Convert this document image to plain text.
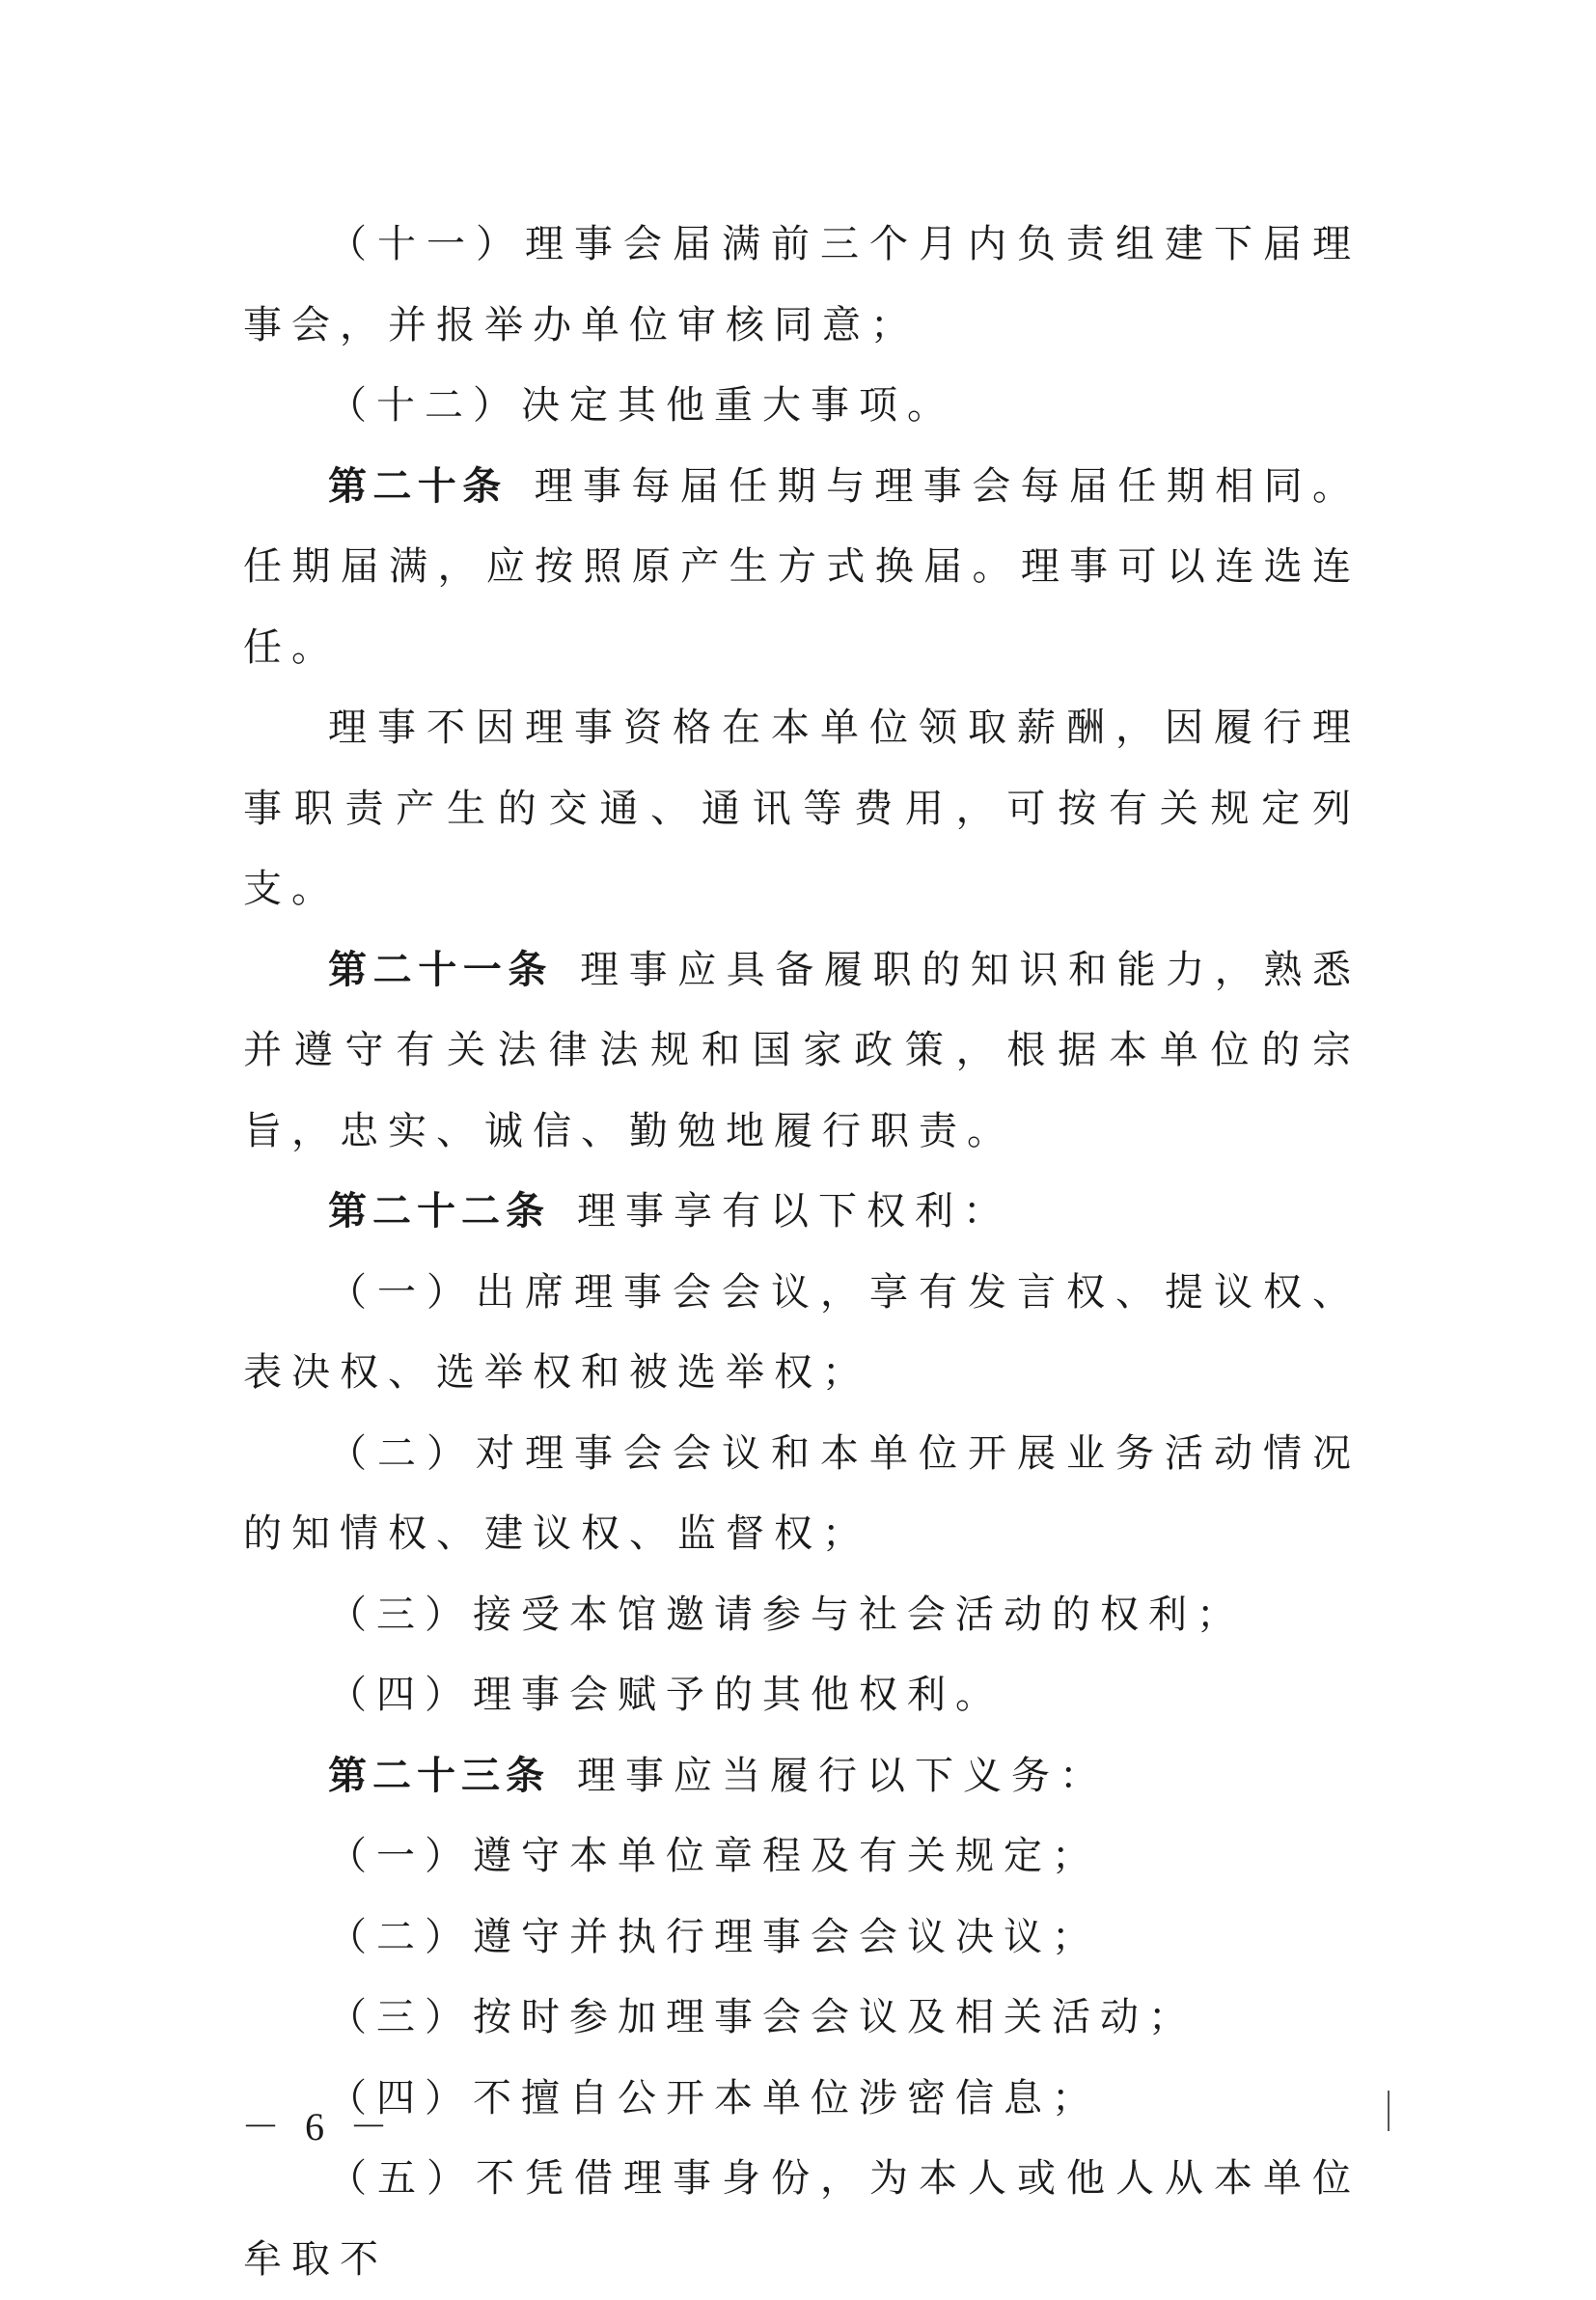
（十一）理事会届满前三个月内负责组建下届理事会，并报举办单位审核同意；

（十二）决定其他重大事项。

第二十条 理事每届任期与理事会每届任期相同。任期届满，应按照原产生方式换届。理事可以连选连任。

理事不因理事资格在本单位领取薪酬，因履行理事职责产生的交通、通讯等费用，可按有关规定列支。

第二十一条 理事应具备履职的知识和能力，熟悉并遵守有关法律法规和国家政策，根据本单位的宗旨，忠实、诚信、勤勉地履行职责。

第二十二条 理事享有以下权利：

（一）出席理事会会议，享有发言权、提议权、表决权、选举权和被选举权；

（二）对理事会会议和本单位开展业务活动情况的知情权、建议权、监督权；

（三）接受本馆邀请参与社会活动的权利；

（四）理事会赋予的其他权利。

第二十三条 理事应当履行以下义务：

（一）遵守本单位章程及有关规定；

（二）遵守并执行理事会会议决议；

（三）按时参加理事会会议及相关活动；

（四）不擅自公开本单位涉密信息；

（五）不凭借理事身份，为本人或他人从本单位牟取不

－ 6 －
